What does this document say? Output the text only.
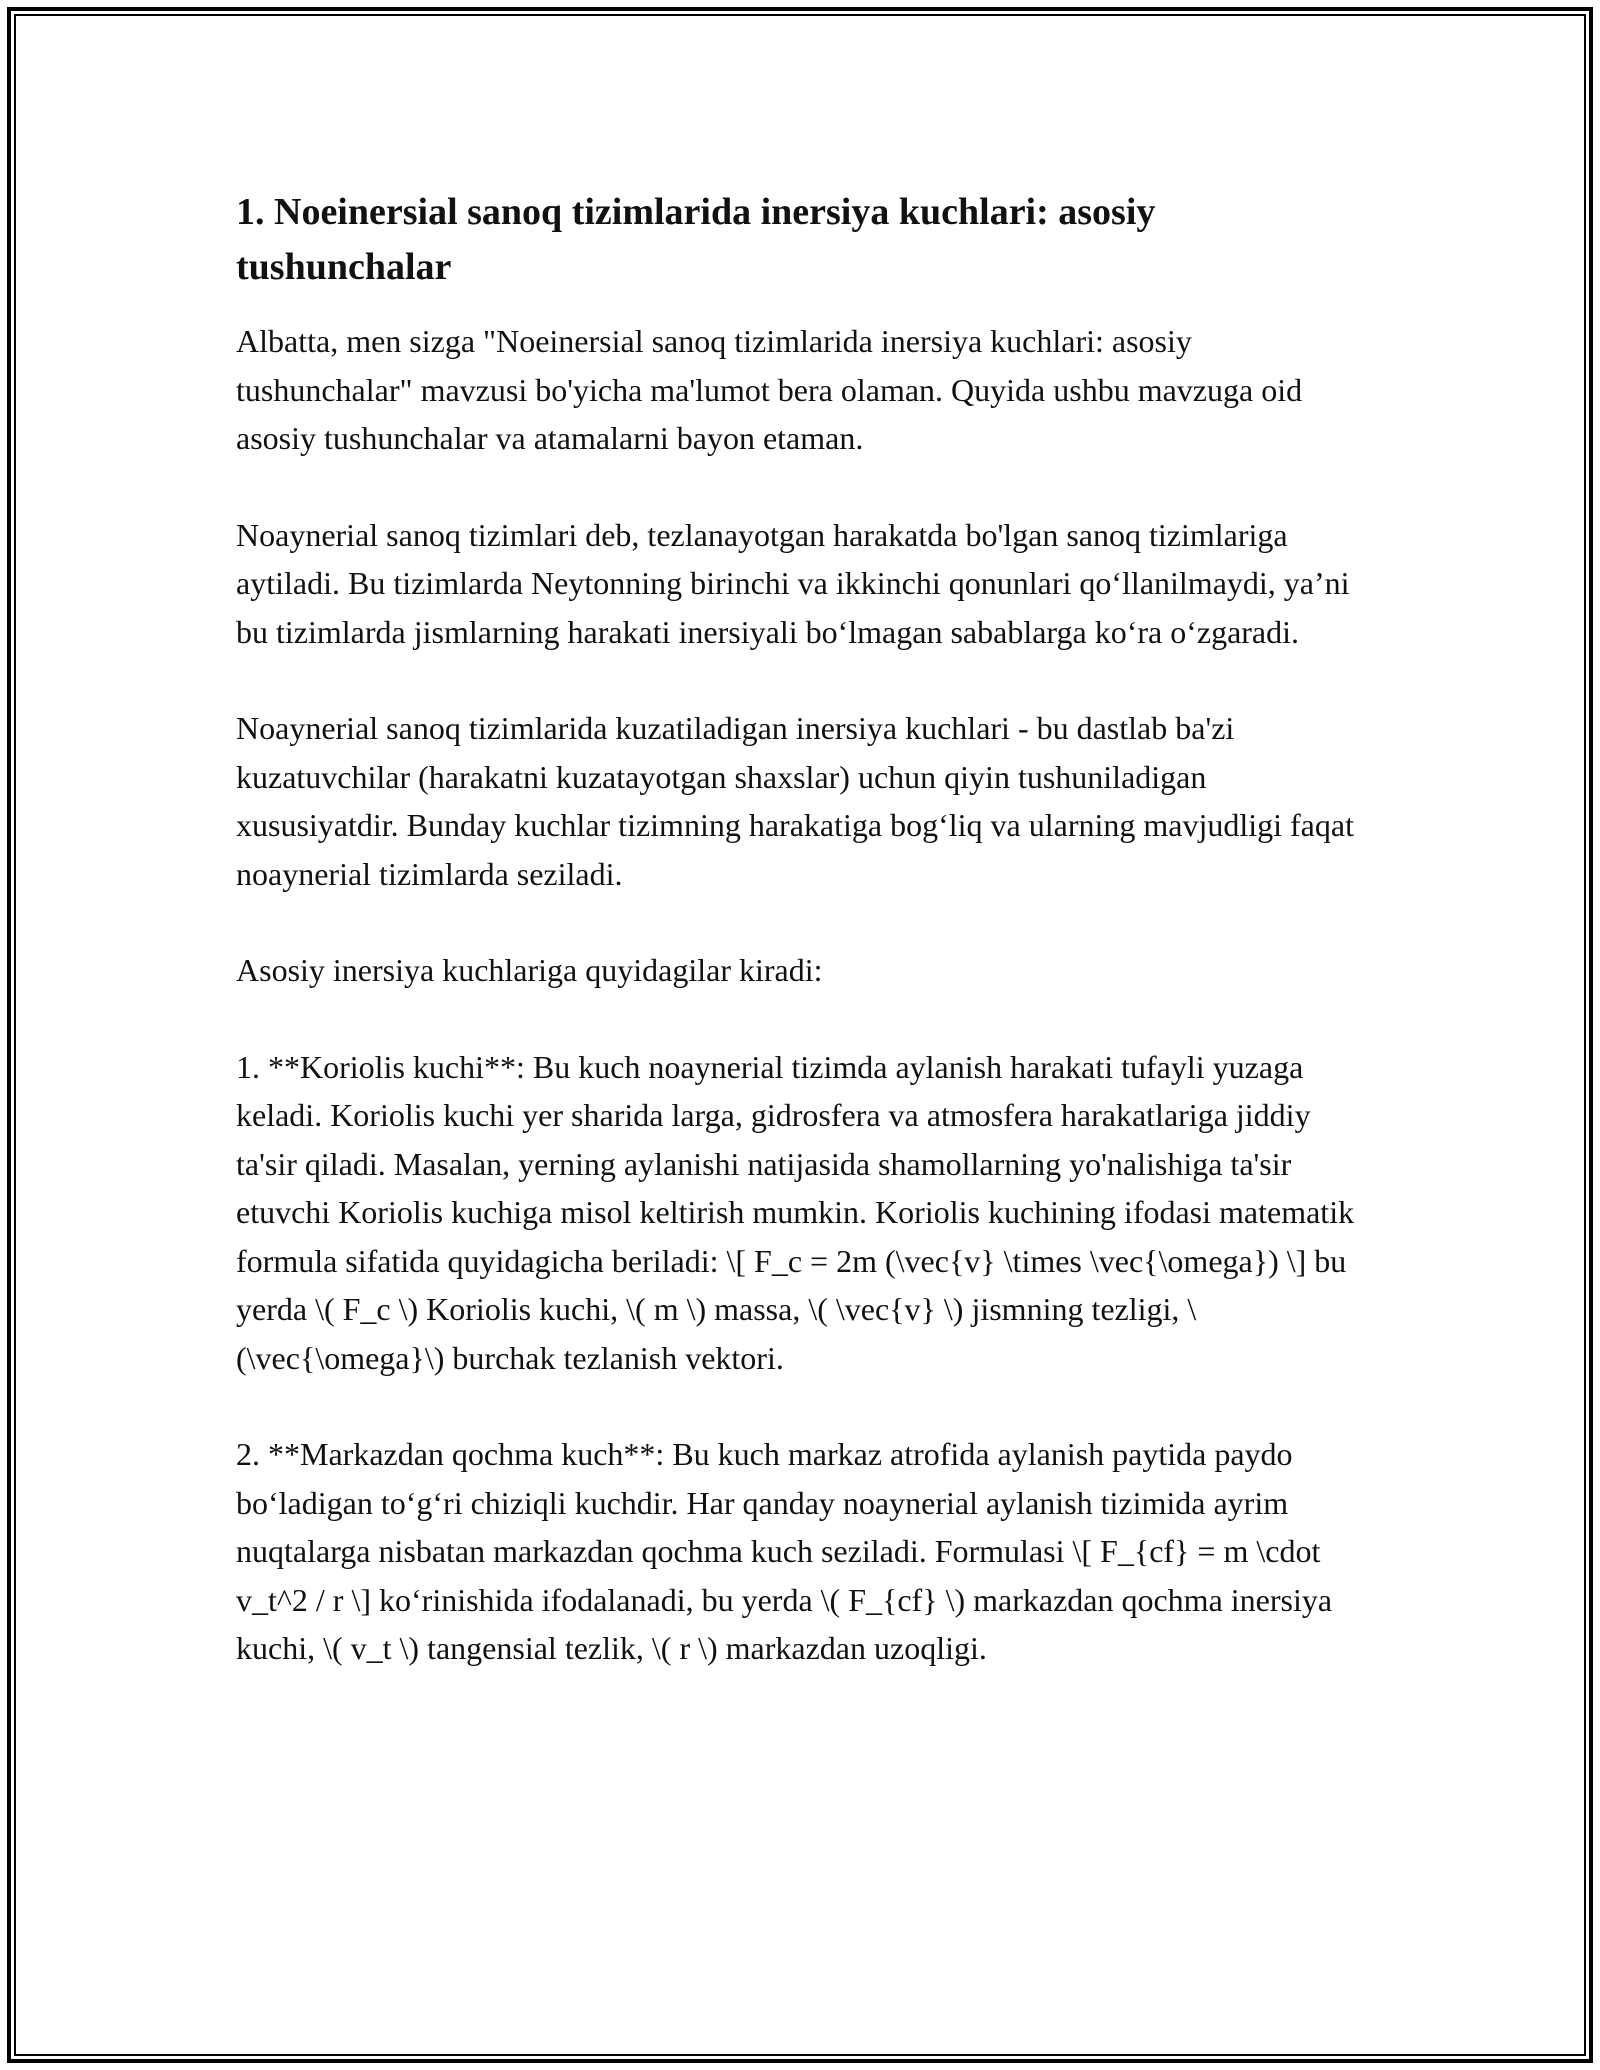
1. Noeinersial sanoq tizimlarida inersiya kuchlari: asosiy tushunchalar

Albatta, men sizga "Noeinersial sanoq tizimlarida inersiya kuchlari: asosiy tushunchalar" mavzusi bo'yicha ma'lumot bera olaman. Quyida ushbu mavzuga oid asosiy tushunchalar va atamalarni bayon etaman.

Noaynerial sanoq tizimlari deb, tezlanayotgan harakatda bo'lgan sanoq tizimlariga aytiladi. Bu tizimlarda Neytonning birinchi va ikkinchi qonunlari qo‘llanilmaydi, ya’ni bu tizimlarda jismlarning harakati inersiyali bo‘lmagan sabablarga ko‘ra o‘zgaradi.

Noaynerial sanoq tizimlarida kuzatiladigan inersiya kuchlari - bu dastlab ba'zi kuzatuvchilar (harakatni kuzatayotgan shaxslar) uchun qiyin tushuniladigan xususiyatdir. Bunday kuchlar tizimning harakatiga bog‘liq va ularning mavjudligi faqat noaynerial tizimlarda seziladi.

Asosiy inersiya kuchlariga quyidagilar kiradi:

1. **Koriolis kuchi**: Bu kuch noaynerial tizimda aylanish harakati tufayli yuzaga keladi. Koriolis kuchi yer sharida larga, gidrosfera va atmosfera harakatlariga jiddiy ta'sir qiladi. Masalan, yerning aylanishi natijasida shamollarning yo'nalishiga ta'sir etuvchi Koriolis kuchiga misol keltirish mumkin. Koriolis kuchining ifodasi matematik formula sifatida quyidagicha beriladi: \[ F_c = 2m (\vec{v} \times \vec{\omega}) \] bu yerda \( F_c \) Koriolis kuchi, \( m \) massa, \( \vec{v} \) jismning tezligi, \(\vec{\omega}\) burchak tezlanish vektori.

2. **Markazdan qochma kuch**: Bu kuch markaz atrofida aylanish paytida paydo bo‘ladigan to‘g‘ri chiziqli kuchdir. Har qanday noaynerial aylanish tizimida ayrim nuqtalarga nisbatan markazdan qochma kuch seziladi. Formulasi \[ F_{cf} = m \cdot v_t^2 / r \] ko‘rinishida ifodalanadi, bu yerda \( F_{cf} \) markazdan qochma inersiya kuchi, \( v_t \) tangensial tezlik, \( r \) markazdan uzoqligi.
